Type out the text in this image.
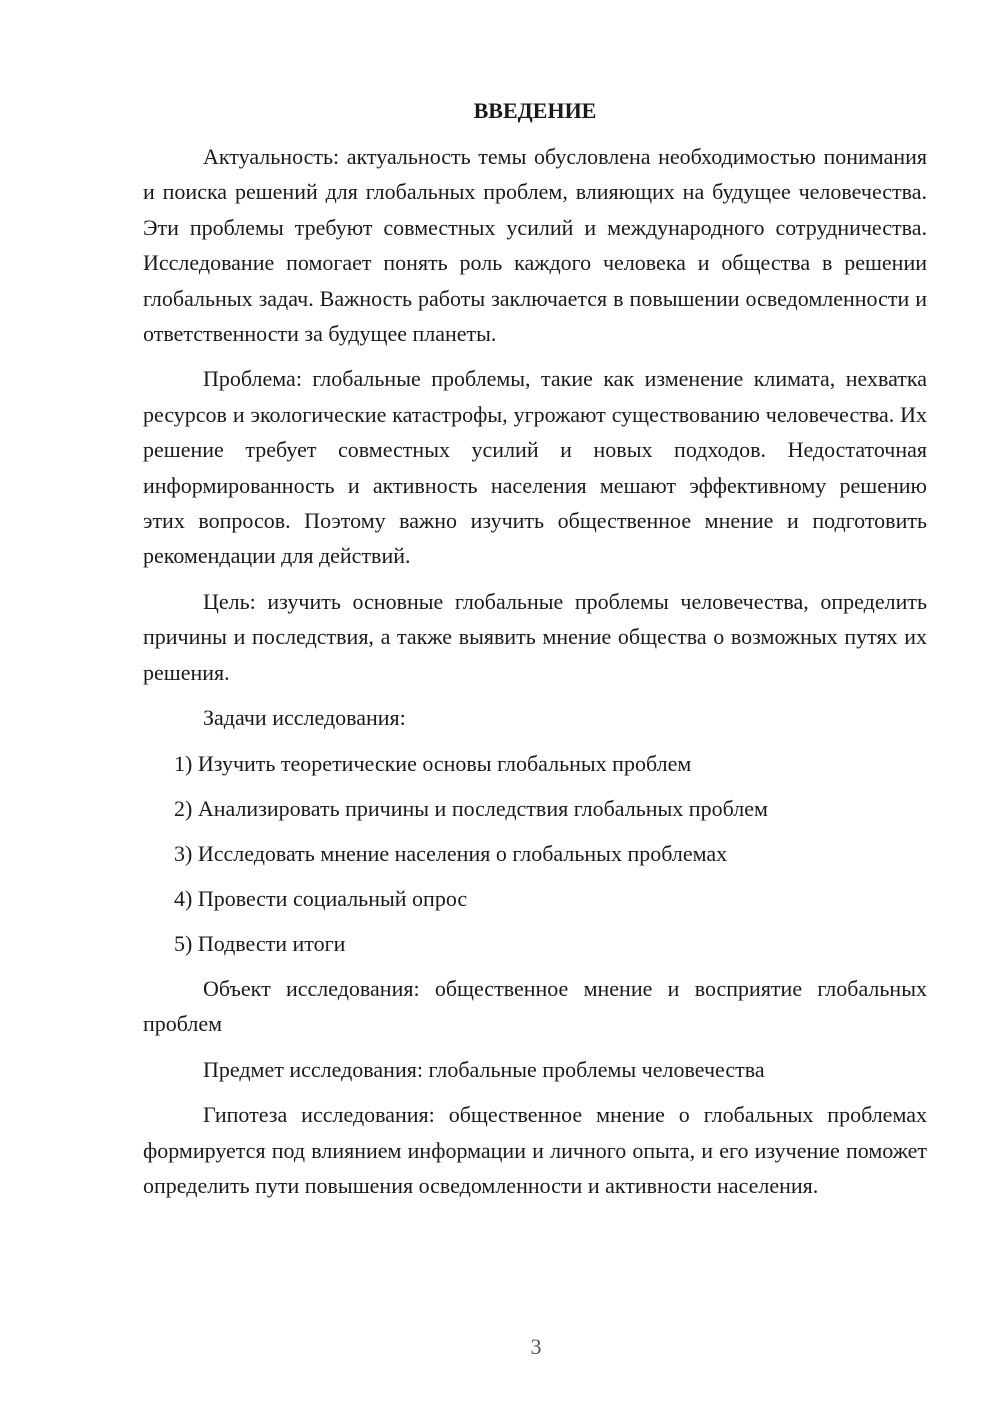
ВВЕДЕНИЕ

Актуальность: актуальность темы обусловлена необходимостью понимания и поиска решений для глобальных проблем, влияющих на будущее человечества. Эти проблемы требуют совместных усилий и международного сотрудничества. Исследование помогает понять роль каждого человека и общества в решении глобальных задач. Важность работы заключается в повышении осведомленности и ответственности за будущее планеты.

Проблема: глобальные проблемы, такие как изменение климата, нехватка ресурсов и экологические катастрофы, угрожают существованию человечества. Их решение требует совместных усилий и новых подходов. Недостаточная информированность и активность населения мешают эффективному решению этих вопросов. Поэтому важно изучить общественное мнение и подготовить рекомендации для действий.

Цель: изучить основные глобальные проблемы человечества, определить причины и последствия, а также выявить мнение общества о возможных путях их решения.

Задачи исследования:

1) Изучить теоретические основы глобальных проблем
2) Анализировать причины и последствия глобальных проблем
3) Исследовать мнение населения о глобальных проблемах
4) Провести социальный опрос
5) Подвести итоги

Объект исследования: общественное мнение и восприятие глобальных проблем

Предмет исследования: глобальные проблемы человечества

Гипотеза исследования: общественное мнение о глобальных проблемах формируется под влиянием информации и личного опыта, и его изучение поможет определить пути повышения осведомленности и активности населения.

3
